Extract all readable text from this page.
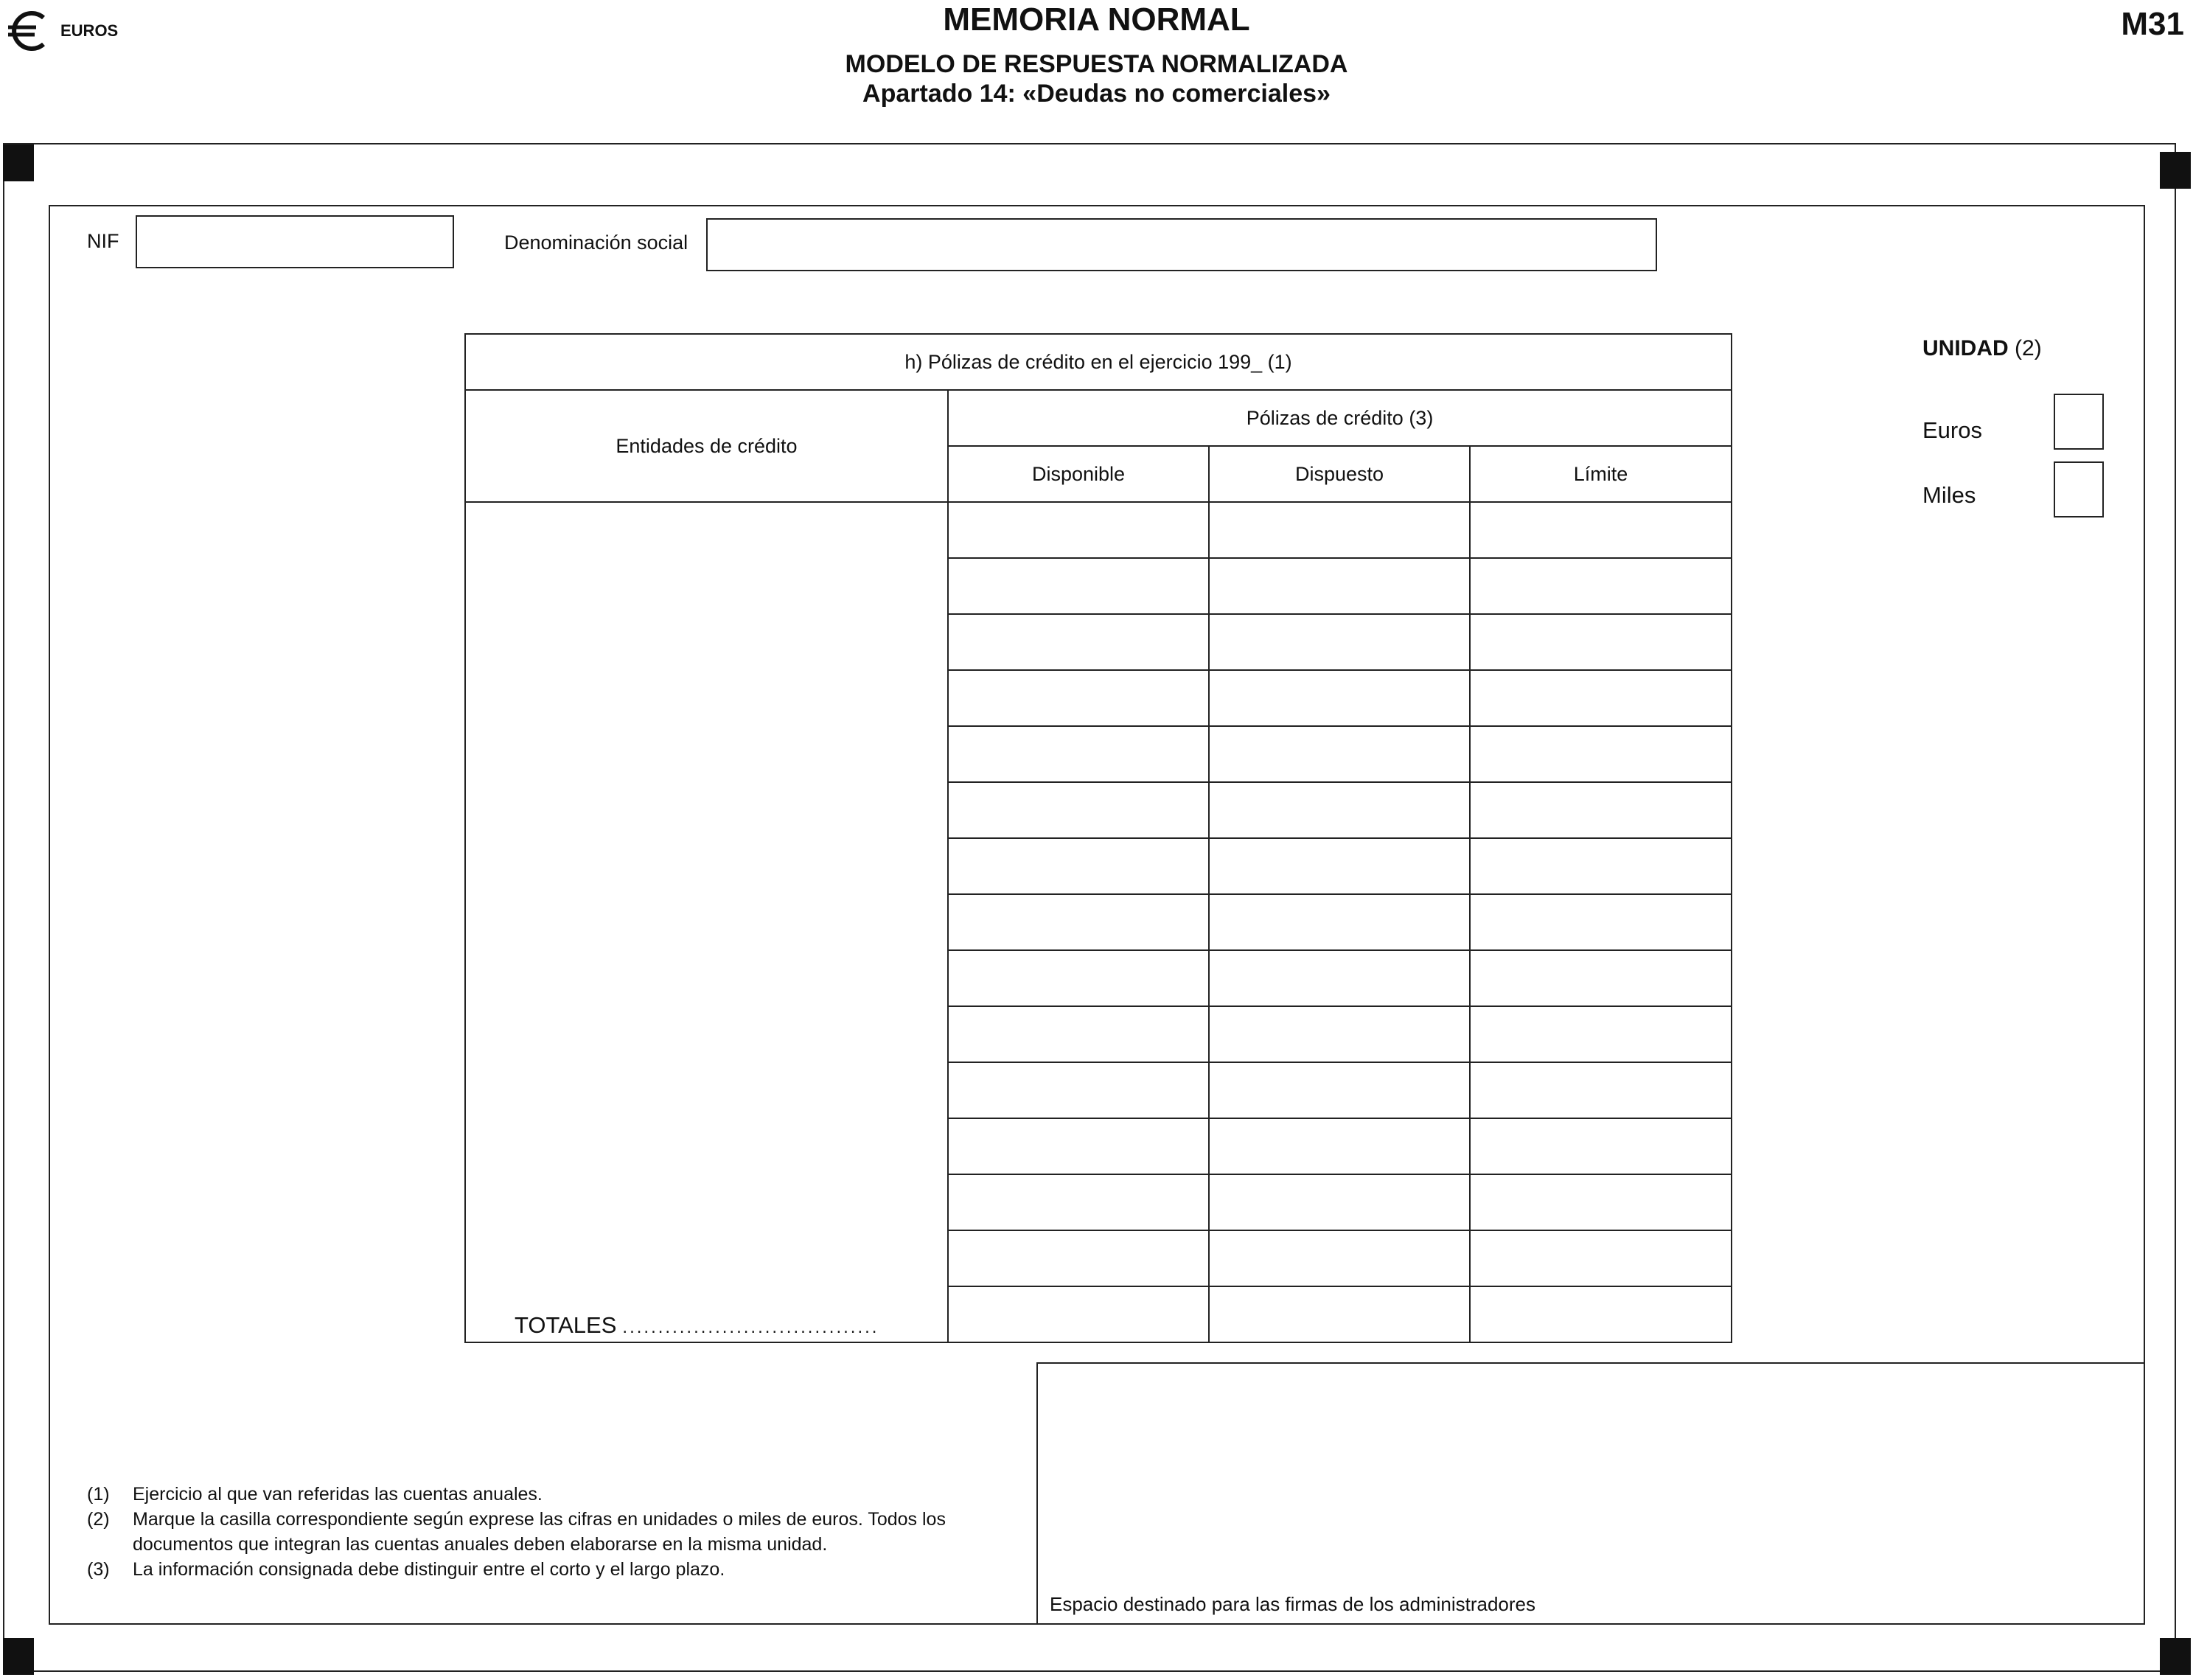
EUROS	MEMORIA NORMAL
MODELO DE RESPUESTA NORMALIZADA
Apartado 14: «Deudas no comerciales»
M31
NIF	Denominación social
h) Pólizas de crédito en el ejercicio 199_ (1)			
Entidades de crédito	Pólizas de crédito (3)		
	Disponible	Dispuesto	Límite

TOTALES ....................................			

UNIDAD (2)
Euros
Miles
(1)	Ejercicio al que van referidas las cuentas anuales.
(2)	Marque la casilla correspondiente según exprese las cifras en unidades o miles de euros. Todos los documentos que integran las cuentas anuales deben elaborarse en la misma unidad.
(3)	La información consignada debe distinguir entre el corto y el largo plazo.
Espacio destinado para las firmas de los administradores
